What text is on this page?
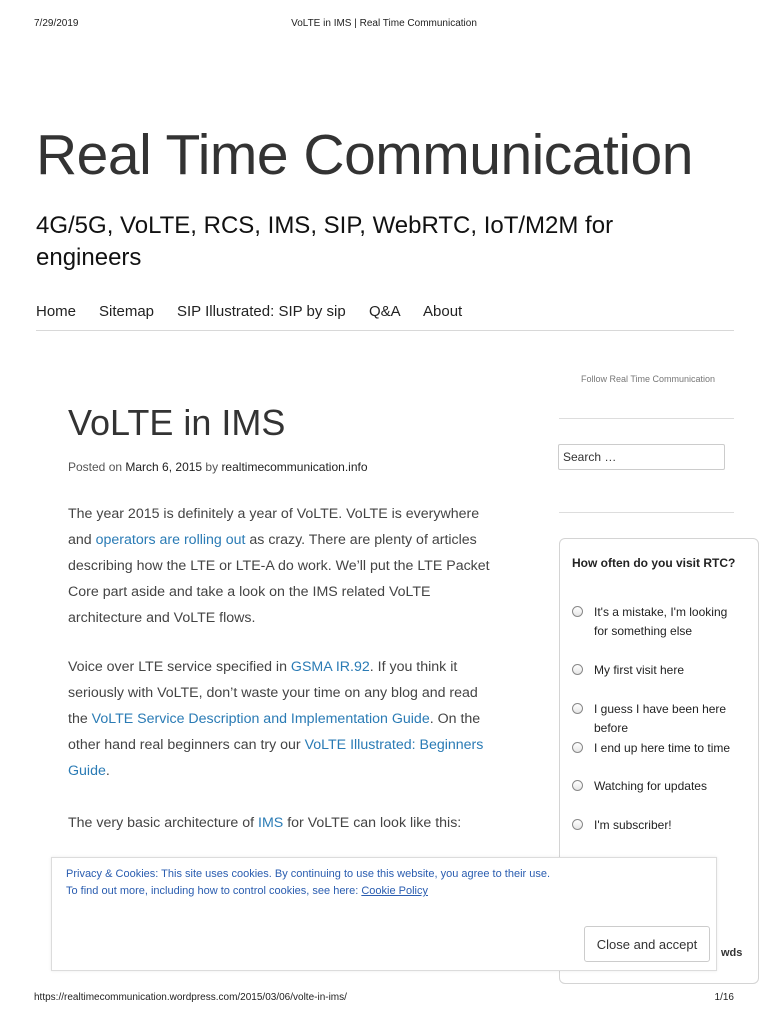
7/29/2019	VoLTE in IMS | Real Time Communication
Real Time Communication
4G/5G, VoLTE, RCS, IMS, SIP, WebRTC, IoT/M2M for engineers
Home Sitemap SIP Illustrated: SIP by sip Q&A About
VoLTE in IMS
Posted on March 6, 2015 by realtimecommunication.info
The year 2015 is definitely a year of VoLTE. VoLTE is everywhere and operators are rolling out as crazy. There are plenty of articles describing how the LTE or LTE-A do work. We’ll put the LTE Packet Core part aside and take a look on the IMS related VoLTE architecture and VoLTE flows.
Voice over LTE service specified in GSMA IR.92. If you think it seriously with VoLTE, don’t waste your time on any blog and read the VoLTE Service Description and Implementation Guide. On the other hand real beginners can try our VoLTE Illustrated: Beginners Guide.
The very basic architecture of IMS for VoLTE can look like this:
Follow Real Time Communication
Search …
How often do you visit RTC?
It's a mistake, I'm looking for something else
My first visit here
I guess I have been here before
I end up here time to time
Watching for updates
I'm subscriber!
wds
Privacy & Cookies: This site uses cookies. By continuing to use this website, you agree to their use.
To find out more, including how to control cookies, see here: Cookie Policy
Close and accept
https://realtimecommunication.wordpress.com/2015/03/06/volte-in-ims/	1/16
